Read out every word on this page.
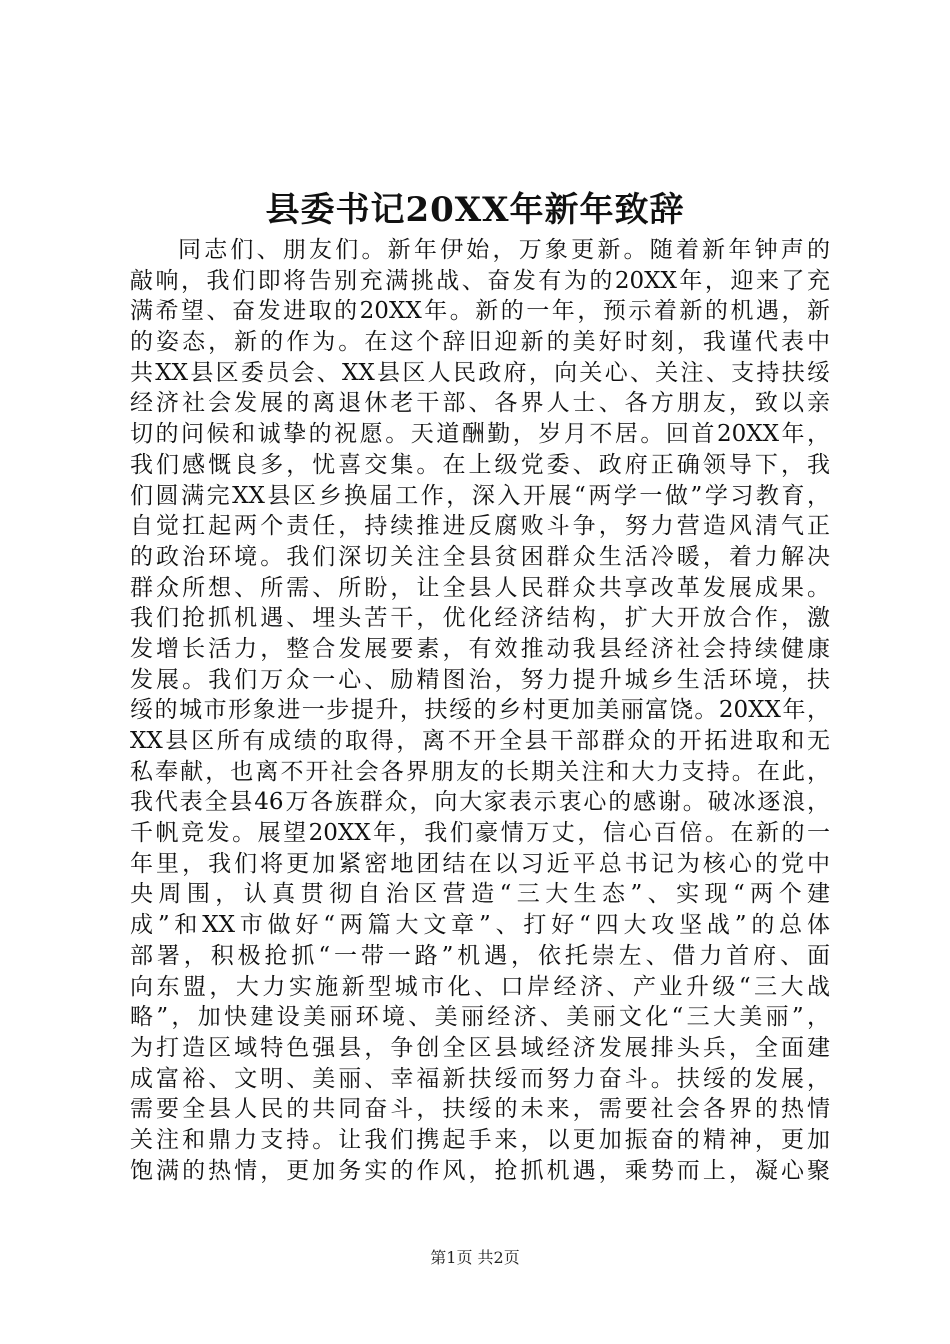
县委书记20XX年新年致辞
同志们、朋友们。新年伊始，万象更新。随着新年钟声的
敲响，我们即将告别充满挑战、奋发有为的20XX年，迎来了充
满希望、奋发进取的20XX年。新的一年，预示着新的机遇，新
的姿态，新的作为。在这个辞旧迎新的美好时刻，我谨代表中
共XX县区委员会、XX县区人民政府，向关心、关注、支持扶绥
经济社会发展的离退休老干部、各界人士、各方朋友，致以亲
切的问候和诚挚的祝愿。天道酬勤，岁月不居。回首20XX年，
我们感慨良多，忧喜交集。在上级党委、政府正确领导下，我
们圆满完XX县区乡换届工作，深入开展“两学一做”学习教育，
自觉扛起两个责任，持续推进反腐败斗争，努力营造风清气正
的政治环境。我们深切关注全县贫困群众生活冷暖，着力解决
群众所想、所需、所盼，让全县人民群众共享改革发展成果。
我们抢抓机遇、埋头苦干，优化经济结构，扩大开放合作，激
发增长活力，整合发展要素，有效推动我县经济社会持续健康
发展。我们万众一心、励精图治，努力提升城乡生活环境，扶
绥的城市形象进一步提升，扶绥的乡村更加美丽富饶。20XX年，
XX县区所有成绩的取得，离不开全县干部群众的开拓进取和无
私奉献，也离不开社会各界朋友的长期关注和大力支持。在此，
我代表全县46万各族群众，向大家表示衷心的感谢。破冰逐浪，
千帆竞发。展望20XX年，我们豪情万丈，信心百倍。在新的一
年里，我们将更加紧密地团结在以习近平总书记为核心的党中
央周围，认真贯彻自治区营造“三大生态”、实现“两个建
成”和XX市做好“两篇大文章”、打好“四大攻坚战”的总体
部署，积极抢抓“一带一路”机遇，依托崇左、借力首府、面
向东盟，大力实施新型城市化、口岸经济、产业升级“三大战
略”，加快建设美丽环境、美丽经济、美丽文化“三大美丽”，
为打造区域特色强县，争创全区县域经济发展排头兵，全面建
成富裕、文明、美丽、幸福新扶绥而努力奋斗。扶绥的发展，
需要全县人民的共同奋斗，扶绥的未来，需要社会各界的热情
关注和鼎力支持。让我们携起手来，以更加振奋的精神，更加
饱满的热情，更加务实的作风，抢抓机遇，乘势而上，凝心聚
第1页 共2页
